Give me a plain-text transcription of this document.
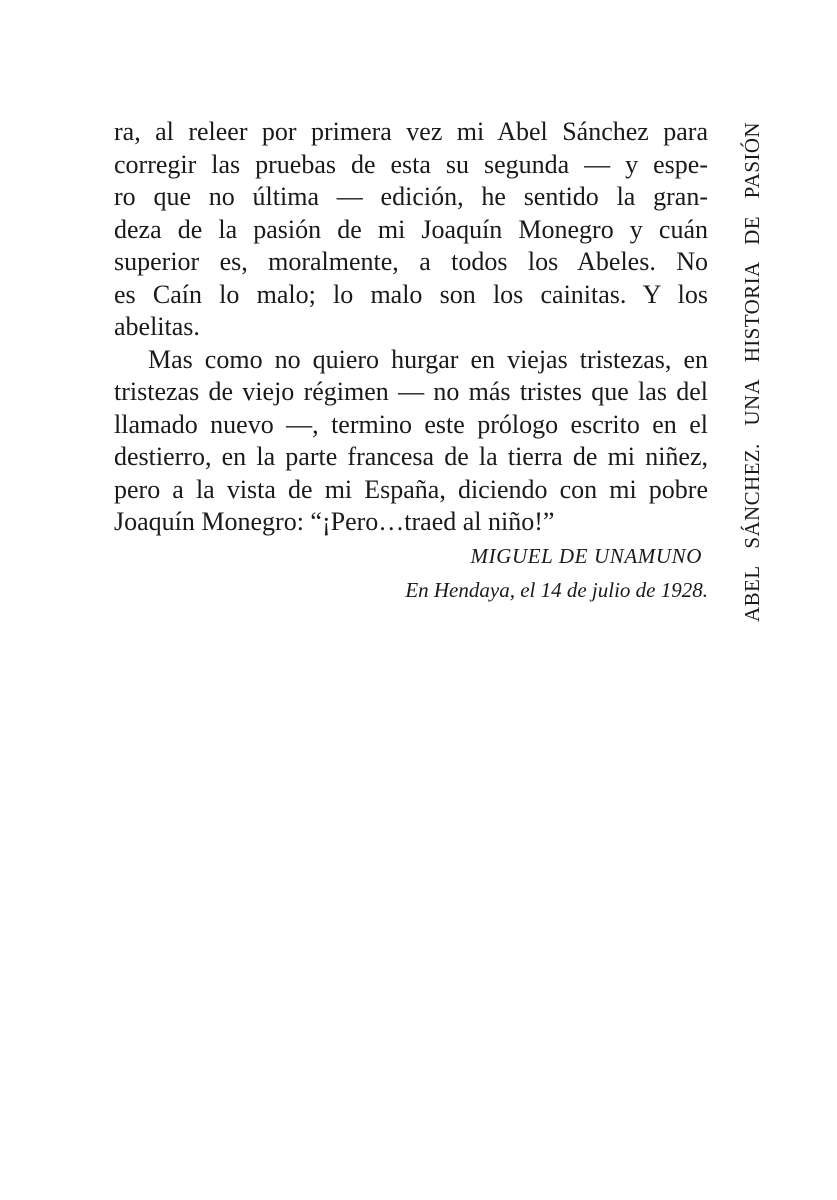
ra, al releer por primera vez mi Abel Sánchez para
corregir las pruebas de esta su segunda — y espe-
ro que no última — edición, he sentido la gran-
deza de la pasión de mi Joaquín Monegro y cuán
superior es, moralmente, a todos los Abeles. No
es Caín lo malo; lo malo son los cainitas. Y los
abelitas.
Mas como no quiero hurgar en viejas tristezas, en
tristezas de viejo régimen — no más tristes que las del
llamado nuevo —, termino este prólogo escrito en el
destierro, en la parte francesa de la tierra de mi niñez,
pero a la vista de mi España, diciendo con mi pobre
Joaquín Monegro: “¡Pero…traed al niño!”
MIGUEL DE UNAMUNO
En Hendaya, el 14 de julio de 1928. ABEL SÁNCHEZ. UNA HISTORIA DE PASIÓN
